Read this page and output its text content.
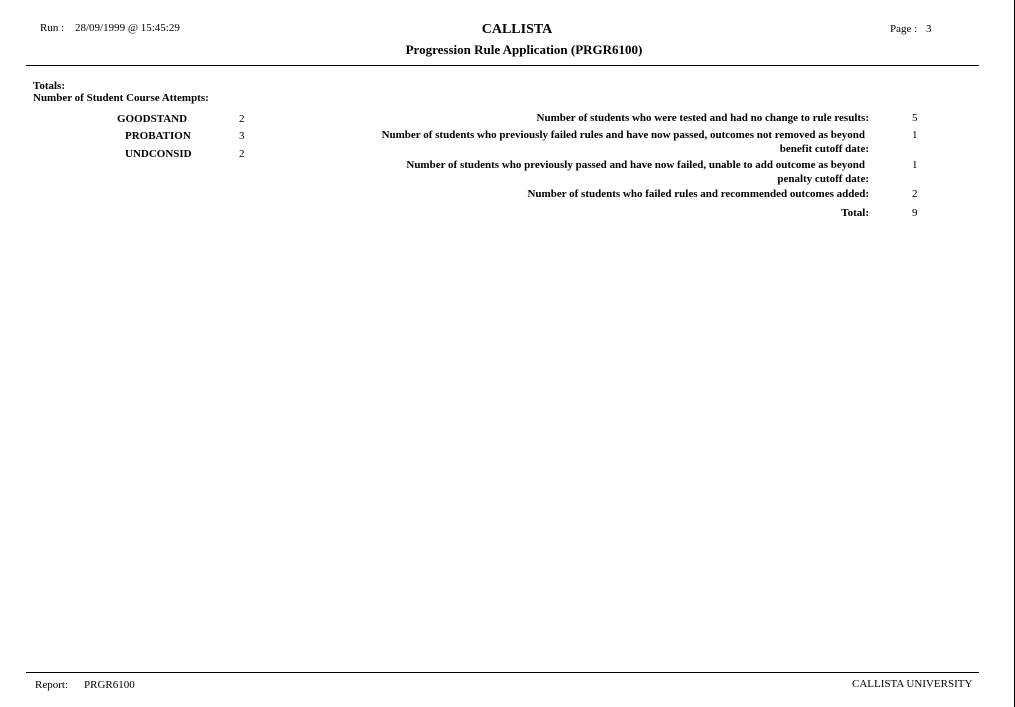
Run : 28/09/1999 @ 15:45:29	CALLISTA
Progression Rule Application (PRGR6100)
Page : 3
Totals:
Number of Student Course Attempts:
GOODSTAND	2
PROBATION	3
UNDCONSID	2
Number of students who were tested and had no change to rule results:	5
Number of students who previously failed rules and have now passed, outcomes not removed as beyond
benefit cutoff date:
1
Number of students who previously passed and have now failed, unable to add outcome as beyond
penalty cutoff date:
1
Number of students who failed rules and recommended outcomes added:	2
Total:	9
Report: PRGR6100	CALLISTA UNIVERSITY
